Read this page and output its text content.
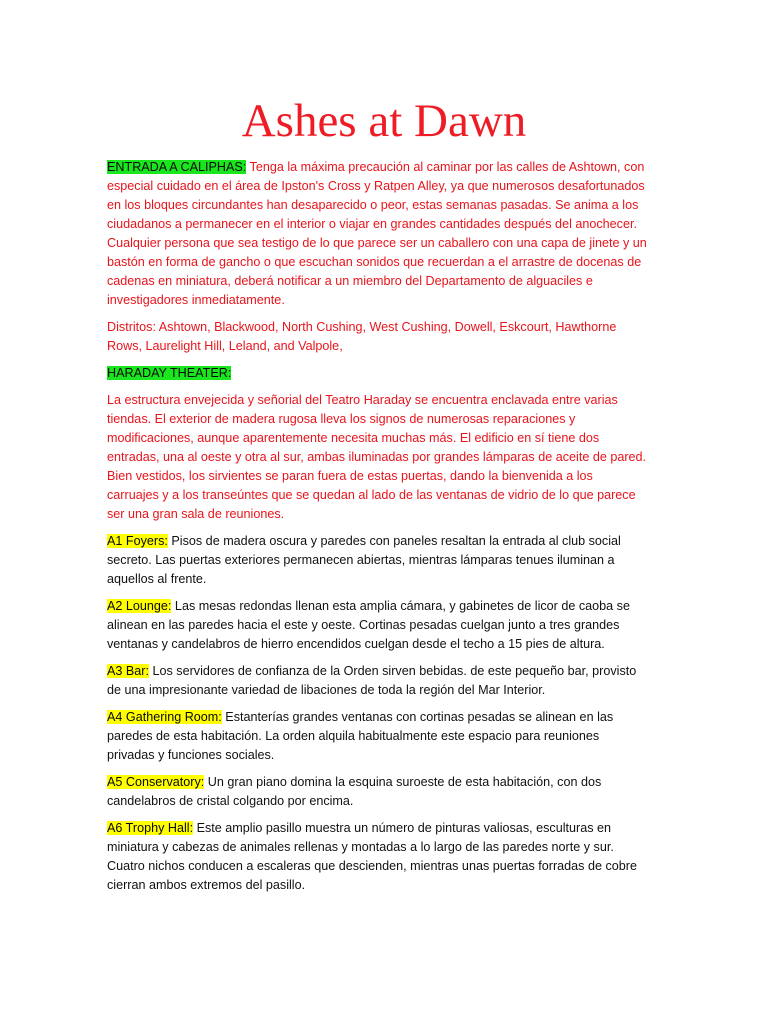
Ashes at Dawn

ENTRADA A CALIPHAS: Tenga la máxima precaución al caminar por las calles de Ashtown, con especial cuidado en el área de Ipston's Cross y Ratpen Alley, ya que numerosos desafortunados en los bloques circundantes han desaparecido o peor, estas semanas pasadas. Se anima a los ciudadanos a permanecer en el interior o viajar en grandes cantidades después del anochecer. Cualquier persona que sea testigo de lo que parece ser un caballero con una capa de jinete y un bastón en forma de gancho o que escuchan sonidos que recuerdan a el arrastre de docenas de cadenas en miniatura, deberá notificar a un miembro del Departamento de alguaciles e investigadores inmediatamente.

Distritos: Ashtown, Blackwood, North Cushing, West Cushing, Dowell, Eskcourt, Hawthorne Rows, Laurelight Hill, Leland, and Valpole,

HARADAY THEATER:

La estructura envejecida y señorial del Teatro Haraday se encuentra enclavada entre varias tiendas. El exterior de madera rugosa lleva los signos de numerosas reparaciones y modificaciones, aunque aparentemente necesita muchas más. El edificio en sí tiene dos entradas, una al oeste y otra al sur, ambas iluminadas por grandes lámparas de aceite de pared. Bien vestidos, los sirvientes se paran fuera de estas puertas, dando la bienvenida a los carruajes y a los transeúntes que se quedan al lado de las ventanas de vidrio de lo que parece ser una gran sala de reuniones.

A1 Foyers: Pisos de madera oscura y paredes con paneles resaltan la entrada al club social secreto. Las puertas exteriores permanecen abiertas, mientras lámparas tenues iluminan a aquellos al frente.

A2 Lounge: Las mesas redondas llenan esta amplia cámara, y gabinetes de licor de caoba se alinean en las paredes hacia el este y oeste. Cortinas pesadas cuelgan junto a tres grandes ventanas y candelabros de hierro encendidos cuelgan desde el techo a 15 pies de altura.

A3 Bar: Los servidores de confianza de la Orden sirven bebidas. de este pequeño bar, provisto de una impresionante variedad de libaciones de toda la región del Mar Interior.

A4 Gathering Room: Estanterías grandes ventanas con cortinas pesadas se alinean en las paredes de esta habitación. La orden alquila habitualmente este espacio para reuniones privadas y funciones sociales.

A5 Conservatory: Un gran piano domina la esquina suroeste de esta habitación, con dos candelabros de cristal colgando por encima.

A6 Trophy Hall: Este amplio pasillo muestra un número de pinturas valiosas, esculturas en miniatura y cabezas de animales rellenas y montadas a lo largo de las paredes norte y sur. Cuatro nichos conducen a escaleras que descienden, mientras unas puertas forradas de cobre cierran ambos extremos del pasillo.
